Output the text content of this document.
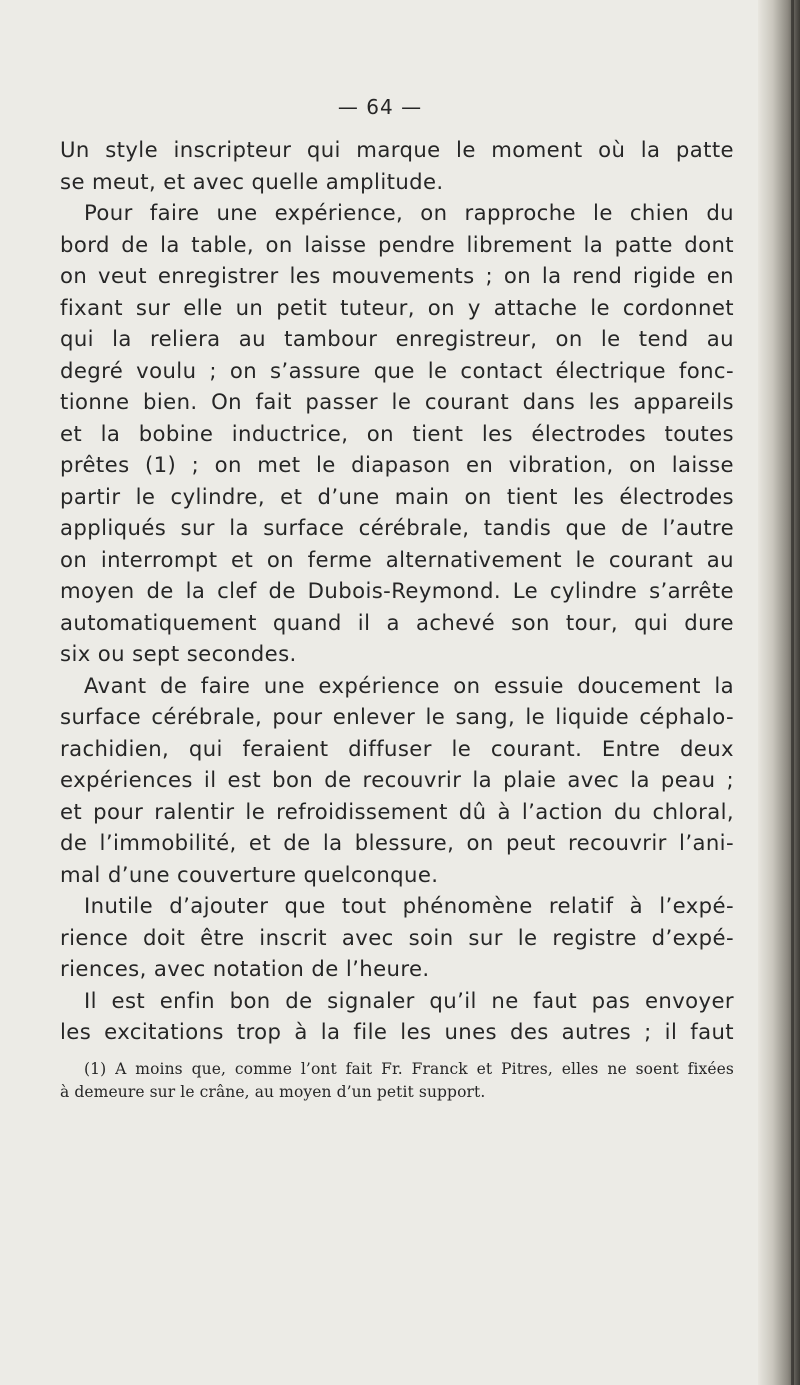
— 64 —
Un style inscripteur qui marque le moment où la patte
se meut, et avec quelle amplitude.
Pour faire une expérience, on rapproche le chien du
bord de la table, on laisse pendre librement la patte dont
on veut enregistrer les mouvements ; on la rend rigide en
fixant sur elle un petit tuteur, on y attache le cordonnet
qui la reliera au tambour enregistreur, on le tend au
degré voulu ; on s’assure que le contact électrique fonc-
tionne bien. On fait passer le courant dans les appareils
et la bobine inductrice, on tient les électrodes toutes
prêtes (1) ; on met le diapason en vibration, on laisse
partir le cylindre, et d’une main on tient les électrodes
appliqués sur la surface cérébrale, tandis que de l’autre
on interrompt et on ferme alternativement le courant au
moyen de la clef de Dubois-Reymond. Le cylindre s’arrête
automatiquement quand il a achevé son tour, qui dure
six ou sept secondes.
Avant de faire une expérience on essuie doucement la
surface cérébrale, pour enlever le sang, le liquide céphalo-
rachidien, qui feraient diffuser le courant. Entre deux
expériences il est bon de recouvrir la plaie avec la peau ;
et pour ralentir le refroidissement dû à l’action du chloral,
de l’immobilité, et de la blessure, on peut recouvrir l’ani-
mal d’une couverture quelconque.
Inutile d’ajouter que tout phénomène relatif à l’expé-
rience doit être inscrit avec soin sur le registre d’expé-
riences, avec notation de l’heure.
Il est enfin bon de signaler qu’il ne faut pas envoyer
les excitations trop à la file les unes des autres ; il faut
(1) A moins que, comme l’ont fait Fr. Franck et Pitres, elles ne soent fixées
à demeure sur le crâne, au moyen d’un petit support.
